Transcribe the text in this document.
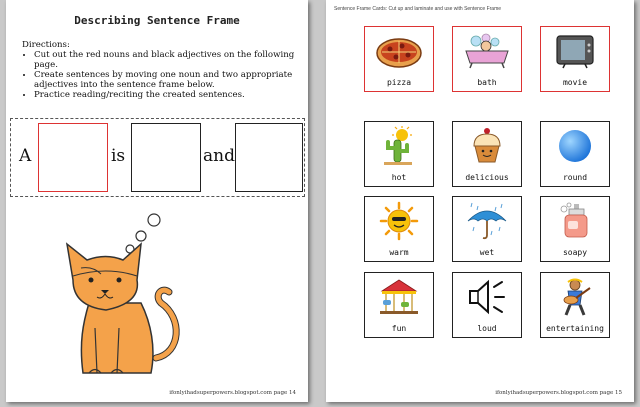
Describing Sentence Frame
Directions:
• Cut out the red nouns and black adjectives on the following page.
• Create sentences by moving one noun and two appropriate adjectives into the sentence frame below.
• Practice reading/reciting the created sentences.
A	is	and
ifonlyihadsuperpowers.blogspot.com page 14
Sentence Frame Cards: Cut up and laminate and use with Sentence Frame
pizza	bath	movie
hot	delicious	round
warm	wet	soapy
fun	loud	entertaining
ifonlyihadsuperpowers.blogspot.com page 15
